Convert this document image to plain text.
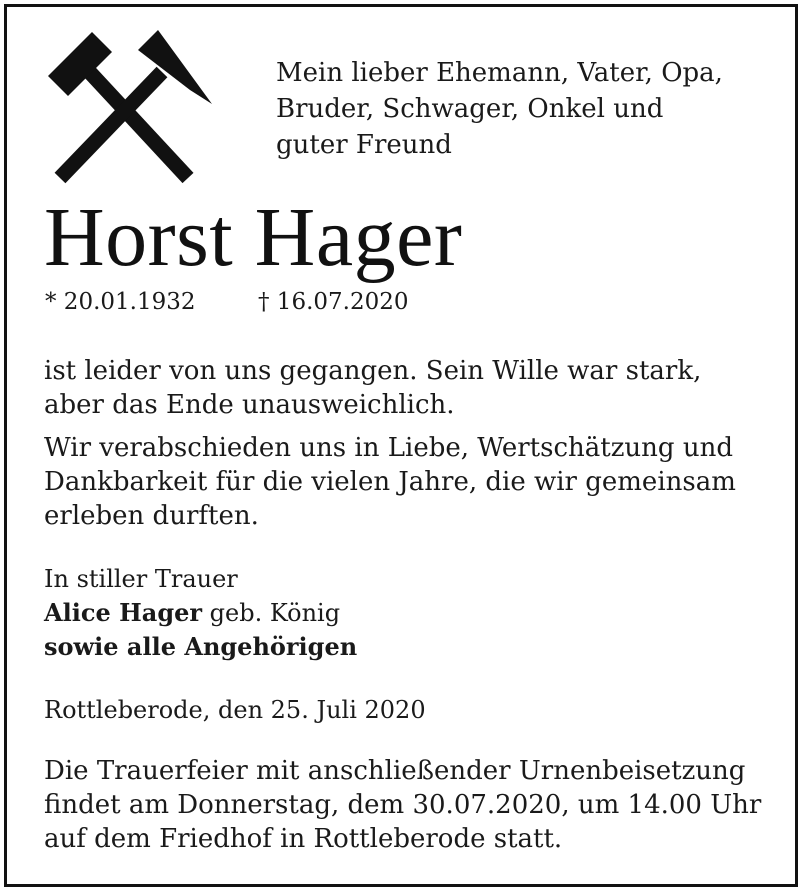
Mein lieber Ehemann, Vater, Opa,
Bruder, Schwager, Onkel und
guter Freund
Horst Hager
* 20.01.1932	† 16.07.2020
ist leider von uns gegangen. Sein Wille war stark,
aber das Ende unausweichlich.
Wir verabschieden uns in Liebe, Wertschätzung und
Dankbarkeit für die vielen Jahre, die wir gemeinsam
erleben durften.
In stiller Trauer
Alice Hager geb. König
sowie alle Angehörigen
Rottleberode, den 25. Juli 2020
Die Trauerfeier mit anschließender Urnenbeisetzung
findet am Donnerstag, dem 30.07.2020, um 14.00 Uhr
auf dem Friedhof in Rottleberode statt.
